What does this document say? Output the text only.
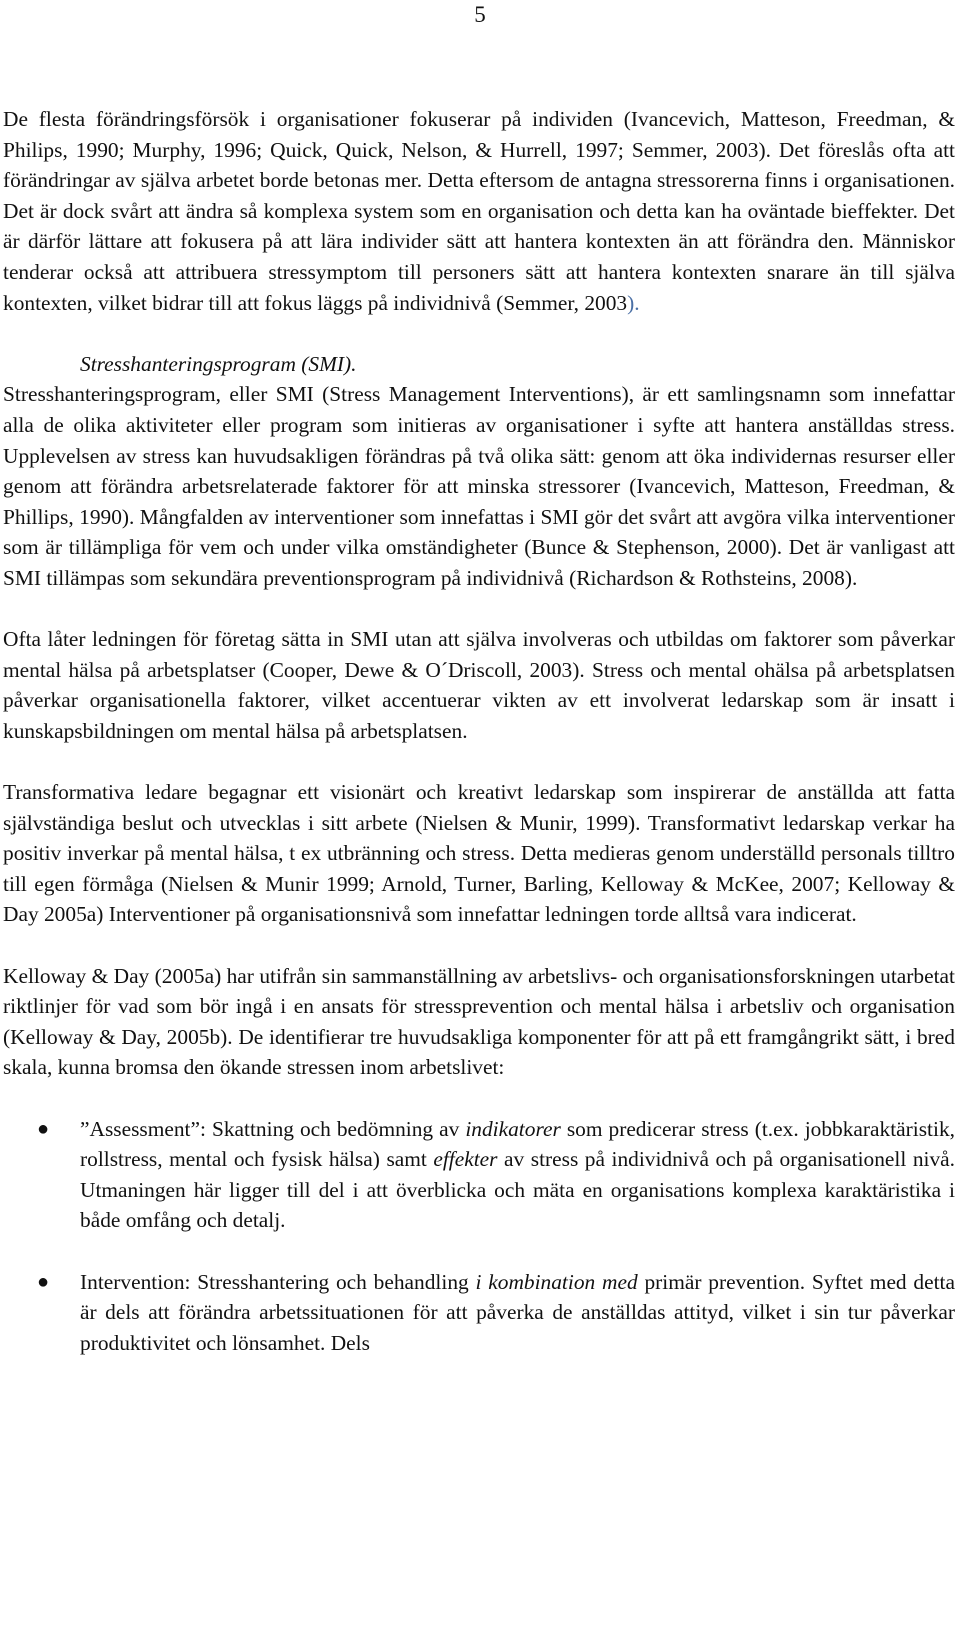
5

De flesta förändringsförsök i organisationer fokuserar på individen (Ivancevich, Matteson, Freedman, & Philips, 1990; Murphy, 1996; Quick, Quick, Nelson, & Hurrell, 1997; Semmer, 2003). Det föreslås ofta att förändringar av själva arbetet borde betonas mer. Detta eftersom de antagna stressorerna finns i organisationen. Det är dock svårt att ändra så komplexa system som en organisation och detta kan ha oväntade bieffekter. Det är därför lättare att fokusera på att lära individer sätt att hantera kontexten än att förändra den. Människor tenderar också att attribuera stressymptom till personers sätt att hantera kontexten snarare än till själva kontexten, vilket bidrar till att fokus läggs på individnivå (Semmer, 2003).

Stresshanteringsprogram (SMI).

Stresshanteringsprogram, eller SMI (Stress Management Interventions), är ett samlingsnamn som innefattar alla de olika aktiviteter eller program som initieras av organisationer i syfte att hantera anställdas stress. Upplevelsen av stress kan huvudsakligen förändras på två olika sätt: genom att öka individernas resurser eller genom att förändra arbetsrelaterade faktorer för att minska stressorer (Ivancevich, Matteson, Freedman, & Phillips, 1990). Mångfalden av interventioner som innefattas i SMI gör det svårt att avgöra vilka interventioner som är tillämpliga för vem och under vilka omständigheter (Bunce & Stephenson, 2000). Det är vanligast att SMI tillämpas som sekundära preventionsprogram på individnivå (Richardson & Rothsteins, 2008).

Ofta låter ledningen för företag sätta in SMI utan att själva involveras och utbildas om faktorer som påverkar mental hälsa på arbetsplatser (Cooper, Dewe & O´Driscoll, 2003). Stress och mental ohälsa på arbetsplatsen påverkar organisationella faktorer, vilket accentuerar vikten av ett involverat ledarskap som är insatt i kunskapsbildningen om mental hälsa på arbetsplatsen.

Transformativa ledare begagnar ett visionärt och kreativt ledarskap som inspirerar de anställda att fatta självständiga beslut och utvecklas i sitt arbete (Nielsen & Munir, 1999). Transformativt ledarskap verkar ha positiv inverkar på mental hälsa, t ex utbränning och stress. Detta medieras genom underställd personals tilltro till egen förmåga (Nielsen & Munir 1999; Arnold, Turner, Barling, Kelloway & McKee, 2007; Kelloway & Day 2005a) Interventioner på organisationsnivå som innefattar ledningen torde alltså vara indicerat.

Kelloway & Day (2005a) har utifrån sin sammanställning av arbetslivs- och organisationsforskningen utarbetat riktlinjer för vad som bör ingå i en ansats för stressprevention och mental hälsa i arbetsliv och organisation (Kelloway & Day, 2005b). De identifierar tre huvudsakliga komponenter för att på ett framgångrikt sätt, i bred skala, kunna bromsa den ökande stressen inom arbetslivet:

● ”Assessment”: Skattning och bedömning av indikatorer som predicerar stress (t.ex. jobbkaraktäristik, rollstress, mental och fysisk hälsa) samt effekter av stress på individnivå och på organisationell nivå. Utmaningen här ligger till del i att överblicka och mäta en organisations komplexa karaktäristika i både omfång och detalj.
● Intervention: Stresshantering och behandling i kombination med primär prevention. Syftet med detta är dels att förändra arbetssituationen för att påverka de anställdas attityd, vilket i sin tur påverkar produktivitet och lönsamhet. Dels
